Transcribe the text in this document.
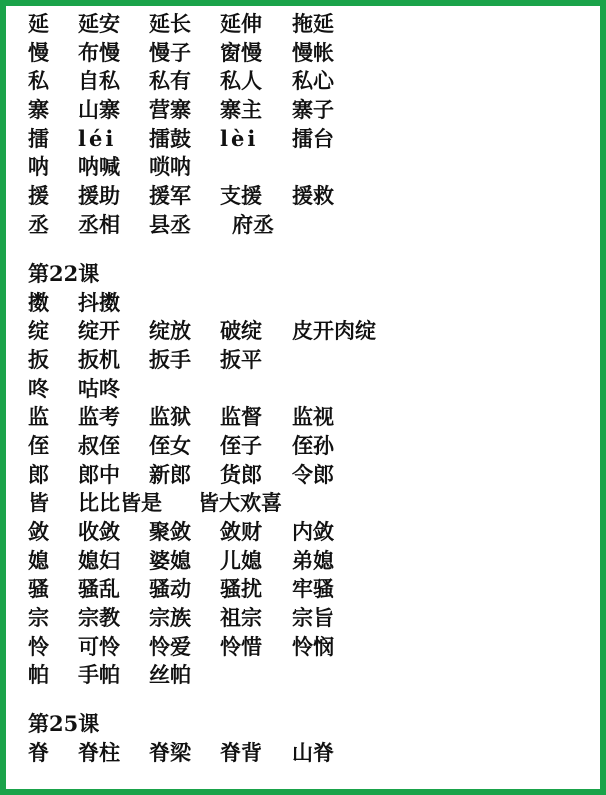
延 延安 延长 延伸 拖延
慢 布慢 慢子 窗慢 慢帐
私 自私 私有 私人 私心
寨 山寨 营寨 寨主 寨子
擂 léi 擂鼓 lèi 擂台
呐 呐喊 唢呐
援 援助 援军 支援 援救
丞 丞相 县丞 府丞
第22课
擞 抖擞
绽 绽开 绽放 破绽 皮开肉绽
扳 扳机 扳手 扳平
咚 咕咚
监 监考 监狱 监督 监视
侄 叔侄 侄女 侄子 侄孙
郎 郎中 新郎 货郎 令郎
皆 比比皆是 皆大欢喜
敛 收敛 聚敛 敛财 内敛
媳 媳妇 婆媳 儿媳 弟媳
骚 骚乱 骚动 骚扰 牢骚
宗 宗教 宗族 祖宗 宗旨
怜 可怜 怜爱 怜惜 怜悯
帕 手帕 丝帕
第25课
脊 脊柱 脊梁 脊背 山脊
